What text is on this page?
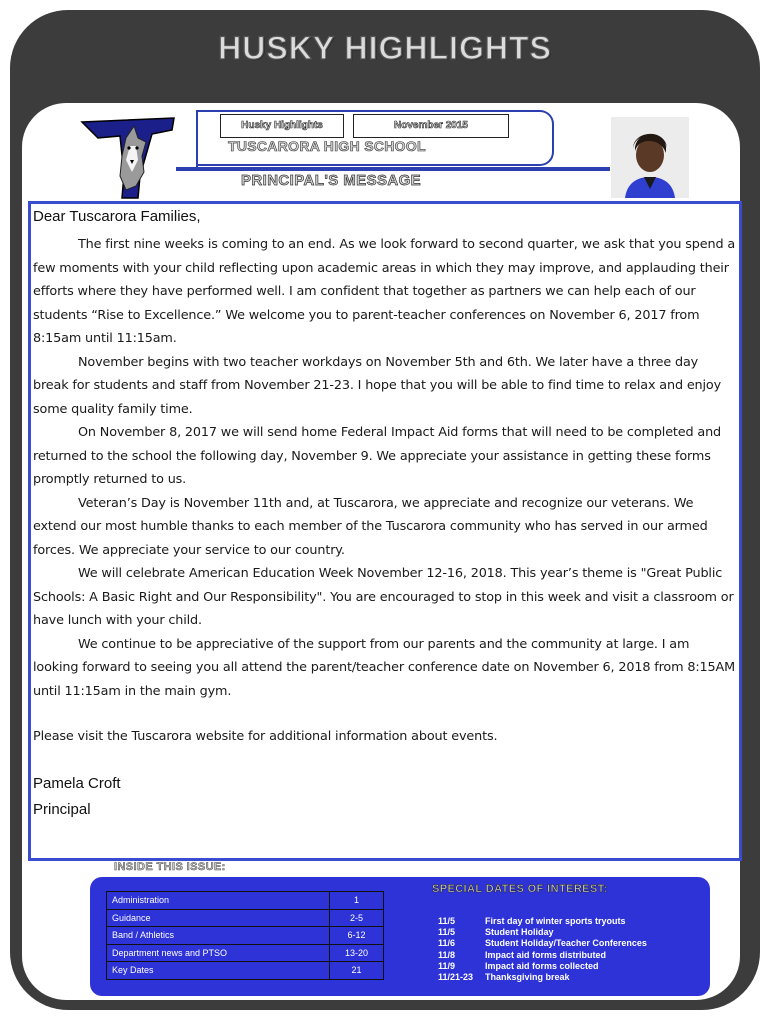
HUSKY HIGHLIGHTS
Husky Highlights	November 2015
TUSCARORA HIGH SCHOOL
PRINCIPAL'S MESSAGE
Dear Tuscarora Families,

The first nine weeks is coming to an end. As we look forward to second quarter, we ask that you spend a few moments with your child reflecting upon academic areas in which they may improve, and applauding their efforts where they have performed well. I am confident that together as partners we can help each of our students “Rise to Excellence.” We welcome you to parent-teacher conferences on November 6, 2017 from 8:15am until 11:15am.

November begins with two teacher workdays on November 5th and 6th. We later have a three day break for students and staff from November 21-23. I hope that you will be able to find time to relax and enjoy some quality family time.

On November 8, 2017 we will send home Federal Impact Aid forms that will need to be completed and returned to the school the following day, November 9. We appreciate your assistance in getting these forms promptly returned to us.

Veteran’s Day is November 11th and, at Tuscarora, we appreciate and recognize our veterans. We extend our most humble thanks to each member of the Tuscarora community who has served in our armed forces. We appreciate your service to our country.

We will celebrate American Education Week November 12-16, 2018. This year’s theme is "Great Public Schools: A Basic Right and Our Responsibility". You are encouraged to stop in this week and visit a classroom or have lunch with your child.

We continue to be appreciative of the support from our parents and the community at large. I am looking forward to seeing you all attend the parent/teacher conference date on November 6, 2018 from 8:15AM until 11:15am in the main gym.

Please visit the Tuscarora website for additional information about events.
Pamela Croft
Principal
INSIDE THIS ISSUE:
Administration	1
Guidance	2-5
Band / Athletics	6-12
Department news and PTSO	13-20
Key Dates	21
SPECIAL DATES OF INTEREST:
11/5	First day of winter sports tryouts
11/5	Student Holiday
11/6	Student Holiday/Teacher Conferences
11/8	Impact aid forms distributed
11/9	Impact aid forms collected
11/21-23	Thanksgiving break
